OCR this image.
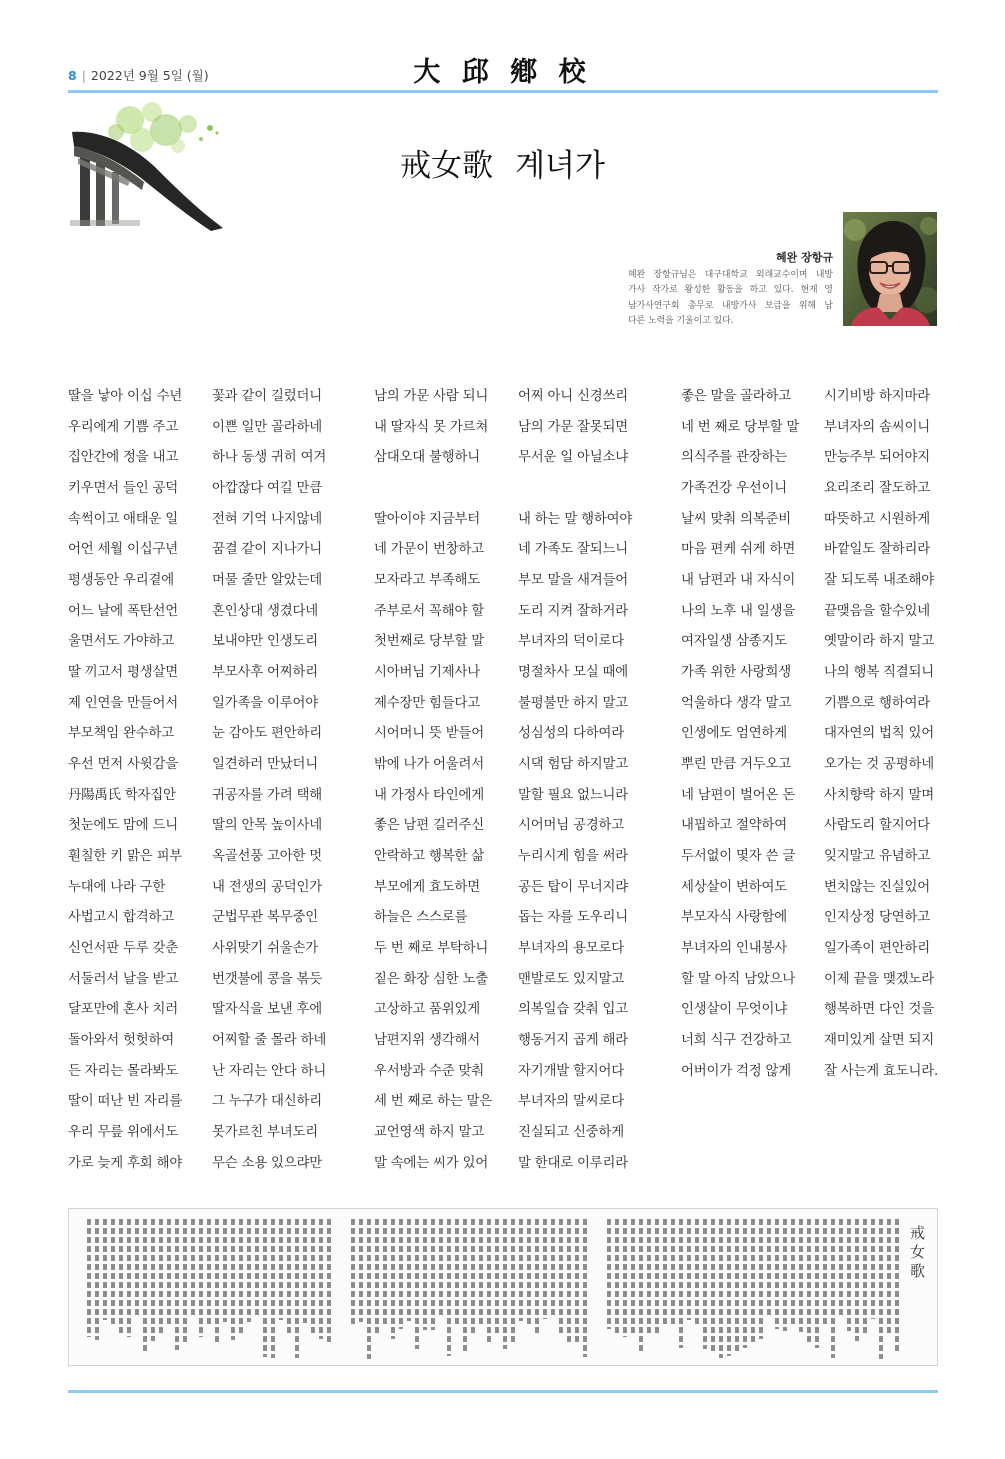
8 | 2022년 9월 5일 (월)	大 邱 鄕 校
戒女歌 계녀가
혜완 장항규
혜완 장항규님은 대구대학교 외래교수이며 내방
가사 작가로 왕성한 활동을 하고 있다. 현재 영
남가사연구회 총무로 내방가사 보급을 위해 남
다른 노력을 기울이고 있다.
딸을 낳아 이십 수년
우리에게 기쁨 주고
집안간에 정을 내고
키우면서 들인 공덕
속썩이고 애태운 일
어언 세월 이십구년
평생동안 우리곁에
어느 날에 폭탄선언
울면서도 가야하고
딸 끼고서 평생살면
제 인연을 만들어서
부모책임 완수하고
우선 먼저 사윗감을
丹陽禹氏 학자집안
첫눈에도 맘에 드니
훤칠한 키 맑은 피부
누대에 나라 구한
사법고시 합격하고
신언서판 두루 갖춘
서둘러서 날을 받고
달포만에 혼사 치러
돌아와서 헛헛하여
든 자리는 몰라봐도
딸이 떠난 빈 자리를
우리 무릎 위에서도
가로 늦게 후회 해야
꽃과 같이 길렀더니
이쁜 일만 골라하네
하나 동생 귀히 여겨
아깝잖다 여길 만큼
전혀 기억 나지않네
꿈결 같이 지나가니
머물 줄만 알았는데
혼인상대 생겼다네
보내야만 인생도리
부모사후 어찌하리
일가족을 이루어야
눈 감아도 편안하리
일견하러 만났더니
귀공자를 가려 택해
딸의 안목 높이사네
옥골선풍 고아한 멋
내 전생의 공덕인가
군법무관 복무중인
사위맞기 쉬울손가
번갯불에 콩을 볶듯
딸자식을 보낸 후에
어찌할 줄 몰라 하네
난 자리는 안다 하니
그 누구가 대신하리
못가르친 부녀도리
무슨 소용 있으랴만
남의 가문 사람 되니
내 딸자식 못 가르쳐
삼대오대 불행하니
딸아이야 지금부터
네 가문이 번창하고
모자라고 부족해도
주부로서 꼭해야 할
첫번째로 당부할 말
시아버님 기제사나
제수장만 힘들다고
시어머니 뜻 받들어
밖에 나가 어울려서
내 가정사 타인에게
좋은 남편 길러주신
안락하고 행복한 삶
부모에게 효도하면
하늘은 스스로를
두 번 째로 부탁하니
짙은 화장 심한 노출
고상하고 품위있게
남편지위 생각해서
우서방과 수준 맞춰
세 번 째로 하는 말은
교언영색 하지 말고
말 속에는 씨가 있어
어찌 아니 신경쓰리
남의 가문 잘못되면
무서운 일 아닐소냐
내 하는 말 행하여야
네 가족도 잘되느니
부모 말을 새겨들어
도리 지켜 잘하거라
부녀자의 덕이로다
명절차사 모실 때에
불평불만 하지 말고
성심성의 다하여라
시댁 험담 하지말고
말할 필요 없느니라
시어머님 공경하고
누리시게 힘을 써라
공든 탑이 무너지랴
돕는 자를 도우리니
부녀자의 용모로다
맨발로도 있지말고
의복일습 갖춰 입고
행동거지 곱게 해라
자기개발 할지어다
부녀자의 말씨로다
진실되고 신중하게
말 한대로 이루리라
좋은 말을 골라하고
네 번 째로 당부할 말
의식주를 관장하는
가족건강 우선이니
날씨 맞춰 의복준비
마음 편케 쉬게 하면
내 남편과 내 자식이
나의 노후 내 일생을
여자일생 삼종지도
가족 위한 사랑희생
억울하다 생각 말고
인생에도 엄연하게
뿌린 만큼 거두오고
네 남편이 벌어온 돈
내핍하고 절약하여
두서없이 몇자 쓴 글
세상살이 변하여도
부모자식 사랑함에
부녀자의 인내봉사
할 말 아직 남았으나
인생살이 무엇이냐
너희 식구 건강하고
어버이가 걱정 않게
시기비방 하지마라
부녀자의 솜씨이니
만능주부 되어야지
요리조리 잘도하고
따뜻하고 시원하게
바깥일도 잘하리라
잘 되도록 내조해야
끝맺음을 할수있네
옛말이라 하지 말고
나의 행복 직결되니
기쁨으로 행하여라
대자연의 법칙 있어
오가는 것 공평하네
사치향락 하지 말며
사람도리 할지어다
잊지말고 유념하고
변치않는 진실있어
인지상정 당연하고
일가족이 편안하리
이제 끝을 맺겠노라
행복하면 다인 것을
재미있게 살면 되지
잘 사는게 효도니라.
戒女歌
